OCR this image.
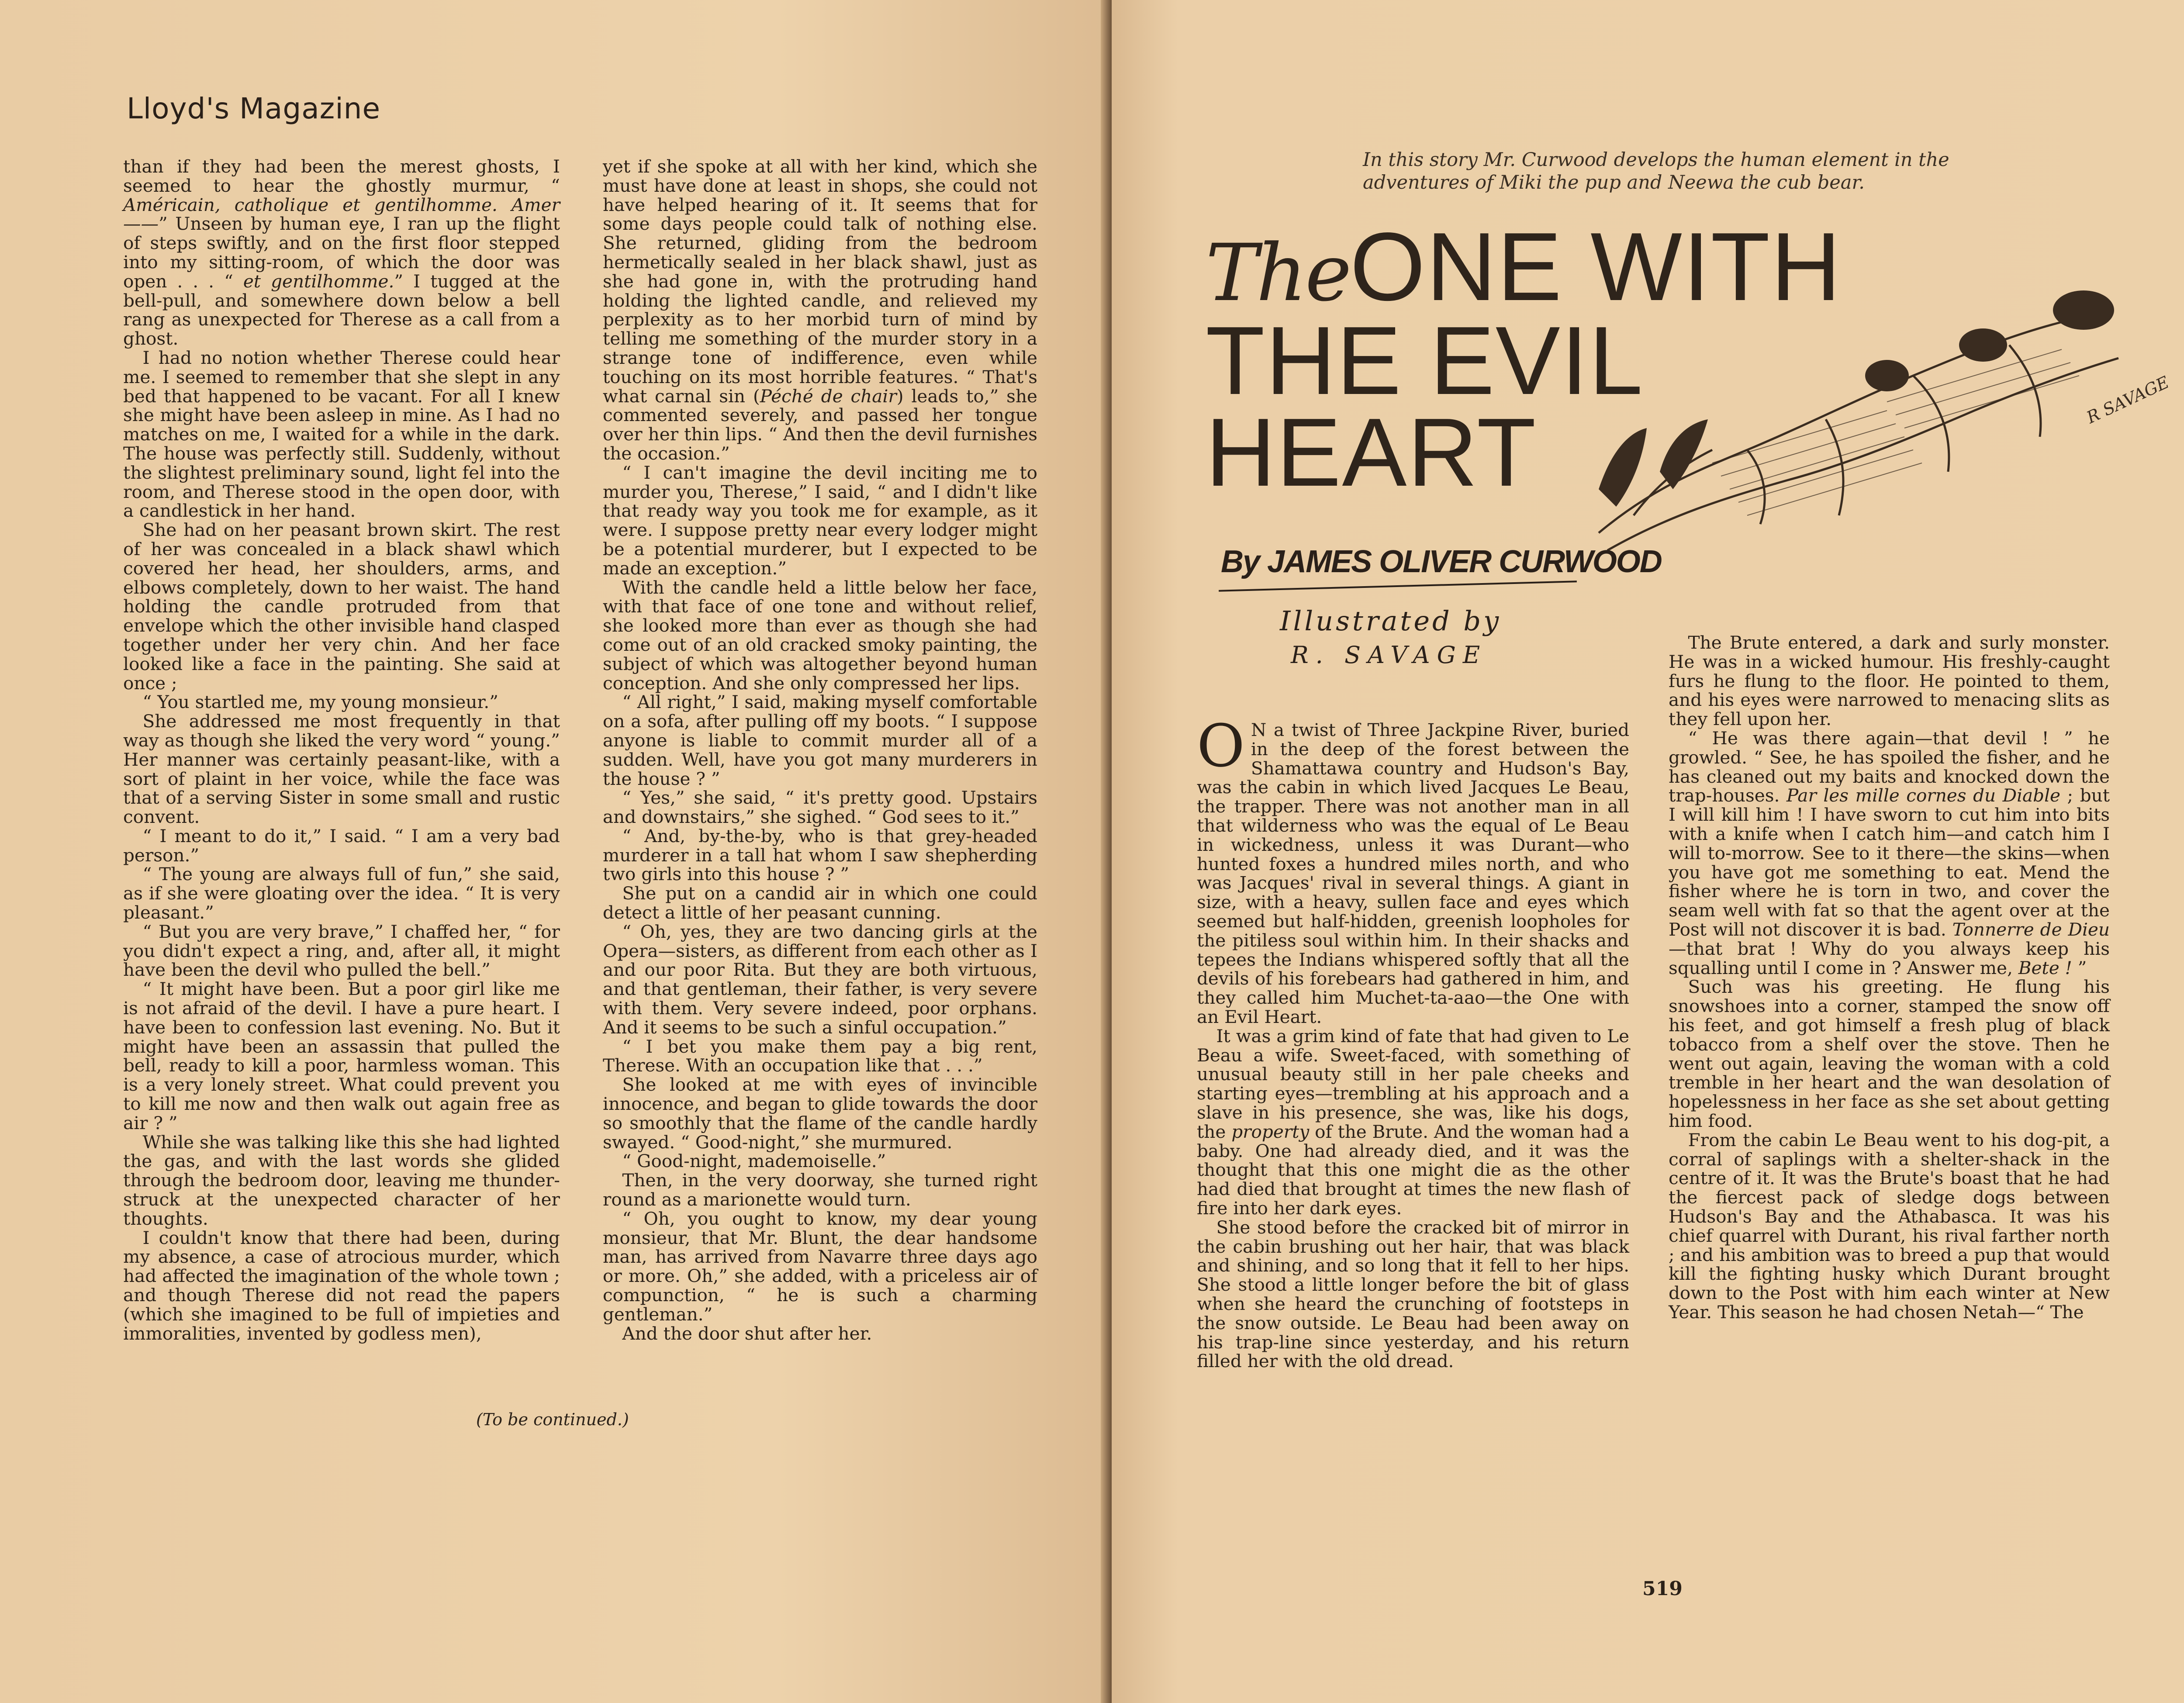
Lloyd's Magazine

than if they had been the merest ghosts, I seemed to hear the ghostly murmur, “ Américain, catholique et gentilhomme. Amer——” Unseen by human eye, I ran up the flight of steps swiftly, and on the first floor stepped into my sitting-room, of which the door was open . . . “ et gentilhomme.” I tugged at the bell-pull, and somewhere down below a bell rang as unexpected for Therese as a call from a ghost.

I had no notion whether Therese could hear me. I seemed to remember that she slept in any bed that happened to be vacant. For all I knew she might have been asleep in mine. As I had no matches on me, I waited for a while in the dark. The house was perfectly still. Suddenly, without the slightest preliminary sound, light fel into the room, and Therese stood in the open door, with a candlestick in her hand.

She had on her peasant brown skirt. The rest of her was concealed in a black shawl which covered her head, her shoulders, arms, and elbows completely, down to her waist. The hand holding the candle protruded from that envelope which the other invisible hand clasped together under her very chin. And her face looked like a face in the painting. She said at once ;

“ You startled me, my young monsieur.”

She addressed me most frequently in that way as though she liked the very word “ young.” Her manner was certainly peasant-like, with a sort of plaint in her voice, while the face was that of a serving Sister in some small and rustic convent.

“ I meant to do it,” I said. “ I am a very bad person.”

“ The young are always full of fun,” she said, as if she were gloating over the idea. “ It is very pleasant.”

“ But you are very brave,” I chaffed her, “ for you didn't expect a ring, and, after all, it might have been the devil who pulled the bell.”

“ It might have been. But a poor girl like me is not afraid of the devil. I have a pure heart. I have been to confession last evening. No. But it might have been an assassin that pulled the bell, ready to kill a poor, harmless woman. This is a very lonely street. What could prevent you to kill me now and then walk out again free as air ? ”

While she was talking like this she had lighted the gas, and with the last words she glided through the bedroom door, leaving me thunder-struck at the unexpected character of her thoughts.

I couldn't know that there had been, during my absence, a case of atrocious murder, which had affected the imagination of the whole town ; and though Therese did not read the papers (which she imagined to be full of impieties and immoralities, invented by godless men),

yet if she spoke at all with her kind, which she must have done at least in shops, she could not have helped hearing of it. It seems that for some days people could talk of nothing else. She returned, gliding from the bedroom hermetically sealed in her black shawl, just as she had gone in, with the protruding hand holding the lighted candle, and relieved my perplexity as to her morbid turn of mind by telling me something of the murder story in a strange tone of indifference, even while touching on its most horrible features. “ That's what carnal sin (Péché de chair) leads to,” she commented severely, and passed her tongue over her thin lips. “ And then the devil furnishes the occasion.”

“ I can't imagine the devil inciting me to murder you, Therese,” I said, “ and I didn't like that ready way you took me for example, as it were. I suppose pretty near every lodger might be a potential murderer, but I expected to be made an exception.”

With the candle held a little below her face, with that face of one tone and without relief, she looked more than ever as though she had come out of an old cracked smoky painting, the subject of which was altogether beyond human conception. And she only compressed her lips.

“ All right,” I said, making myself comfortable on a sofa, after pulling off my boots. “ I suppose anyone is liable to commit murder all of a sudden. Well, have you got many murderers in the house ? ”

“ Yes,” she said, “ it's pretty good. Upstairs and downstairs,” she sighed. “ God sees to it.”

“ And, by-the-by, who is that grey-headed murderer in a tall hat whom I saw shepherding two girls into this house ? ”

She put on a candid air in which one could detect a little of her peasant cunning.

“ Oh, yes, they are two dancing girls at the Opera—sisters, as different from each other as I and our poor Rita. But they are both virtuous, and that gentleman, their father, is very severe with them. Very severe indeed, poor orphans. And it seems to be such a sinful occupation.”

“ I bet you make them pay a big rent, Therese. With an occupation like that . . .”

She looked at me with eyes of invincible innocence, and began to glide towards the door so smoothly that the flame of the candle hardly swayed. “ Good-night,” she murmured.

“ Good-night, mademoiselle.”

Then, in the very doorway, she turned right round as a marionette would turn.

“ Oh, you ought to know, my dear young monsieur, that Mr. Blunt, the dear handsome man, has arrived from Navarre three days ago or more. Oh,” she added, with a priceless air of compunction, “ he is such a charming gentleman.”

And the door shut after her.

(To be continued.)
In this story Mr. Curwood develops the human element in the adventures of Miki the pup and Neewa the cub bear.
TheONE WITH
THE EVIL
HEART	R SAVAGE
By JAMES OLIVER CURWOOD
Illustrated by
R. SAVAGE
O N a twist of Three Jackpine River, buried in the deep of the forest between the Shamattawa country and Hudson's Bay, was the cabin in which lived Jacques Le Beau, the trapper. There was not another man in all that wilderness who was the equal of Le Beau in wickedness, unless it was Durant—who hunted foxes a hundred miles north, and who was Jacques' rival in several things. A giant in size, with a heavy, sullen face and eyes which seemed but half-hidden, greenish loopholes for the pitiless soul within him. In their shacks and tepees the Indians whispered softly that all the devils of his forebears had gathered in him, and they called him Muchet-ta-aao—the One with an Evil Heart.

It was a grim kind of fate that had given to Le Beau a wife. Sweet-faced, with something of unusual beauty still in her pale cheeks and starting eyes—trembling at his approach and a slave in his presence, she was, like his dogs, the property of the Brute. And the woman had a baby. One had already died, and it was the thought that this one might die as the other had died that brought at times the new flash of fire into her dark eyes.

She stood before the cracked bit of mirror in the cabin brushing out her hair, that was black and shining, and so long that it fell to her hips. She stood a little longer before the bit of glass when she heard the crunching of footsteps in the snow outside. Le Beau had been away on his trap-line since yesterday, and his return filled her with the old dread.

The Brute entered, a dark and surly monster. He was in a wicked humour. His freshly-caught furs he flung to the floor. He pointed to them, and his eyes were narrowed to menacing slits as they fell upon her.

“ He was there again—that devil ! ” he growled. “ See, he has spoiled the fisher, and he has cleaned out my baits and knocked down the trap-houses. Par les mille cornes du Diable ; but I will kill him ! I have sworn to cut him into bits with a knife when I catch him—and catch him I will to-morrow. See to it there—the skins—when you have got me something to eat. Mend the fisher where he is torn in two, and cover the seam well with fat so that the agent over at the Post will not discover it is bad. Tonnerre de Dieu—that brat ! Why do you always keep his squalling until I come in ? Answer me, Bete ! ”

Such was his greeting. He flung his snowshoes into a corner, stamped the snow off his feet, and got himself a fresh plug of black tobacco from a shelf over the stove. Then he went out again, leaving the woman with a cold tremble in her heart and the wan desolation of hopelessness in her face as she set about getting him food.

From the cabin Le Beau went to his dog-pit, a corral of saplings with a shelter-shack in the centre of it. It was the Brute's boast that he had the fiercest pack of sledge dogs between Hudson's Bay and the Athabasca. It was his chief quarrel with Durant, his rival farther north ; and his ambition was to breed a pup that would kill the fighting husky which Durant brought down to the Post with him each winter at New Year. This season he had chosen Netah—“ The

519
